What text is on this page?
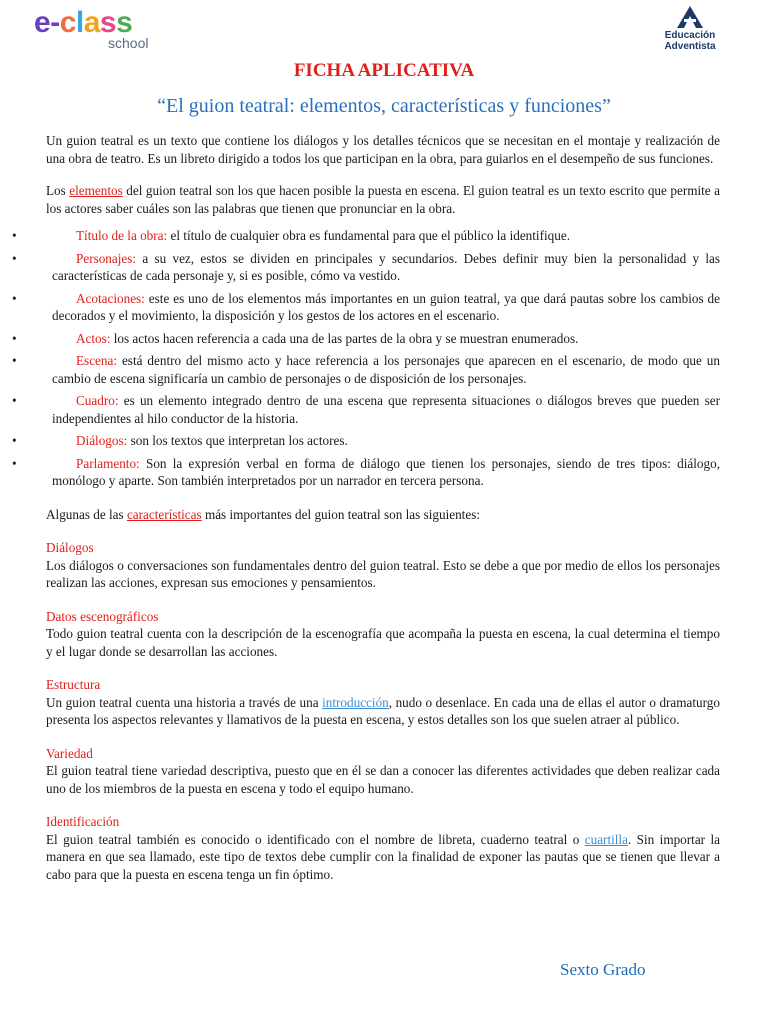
e-class
school	Educación
Adventista
FICHA APLICATIVA
“El guion teatral: elementos, características y funciones”

Un guion teatral es un texto que contiene los diálogos y los detalles técnicos que se necesitan en el montaje y realización de una obra de teatro. Es un libreto dirigido a todos los que participan en la obra, para guiarlos en el desempeño de sus funciones.

Los elementos del guion teatral son los que hacen posible la puesta en escena. El guion teatral es un texto escrito que permite a los actores saber cuáles son las palabras que tienen que pronunciar en la obra.

• Título de la obra: el título de cualquier obra es fundamental para que el público la identifique.
• Personajes: a su vez, estos se dividen en principales y secundarios. Debes definir muy bien la personalidad y las características de cada personaje y, si es posible, cómo va vestido.
• Acotaciones: este es uno de los elementos más importantes en un guion teatral, ya que dará pautas sobre los cambios de decorados y el movimiento, la disposición y los gestos de los actores en el escenario.
• Actos: los actos hacen referencia a cada una de las partes de la obra y se muestran enumerados.
• Escena: está dentro del mismo acto y hace referencia a los personajes que aparecen en el escenario, de modo que un cambio de escena significaría un cambio de personajes o de disposición de los personajes.
• Cuadro: es un elemento integrado dentro de una escena que representa situaciones o diálogos breves que pueden ser independientes al hilo conductor de la historia.
• Diálogos: son los textos que interpretan los actores.
• Parlamento: Son la expresión verbal en forma de diálogo que tienen los personajes, siendo de tres tipos: diálogo, monólogo y aparte. Son también interpretados por un narrador en tercera persona.

Algunas de las características más importantes del guion teatral son las siguientes:

Diálogos

Los diálogos o conversaciones son fundamentales dentro del guion teatral. Esto se debe a que por medio de ellos los personajes realizan las acciones, expresan sus emociones y pensamientos.

Datos escenográficos

Todo guion teatral cuenta con la descripción de la escenografía que acompaña la puesta en escena, la cual determina el tiempo y el lugar donde se desarrollan las acciones.

Estructura

Un guion teatral cuenta una historia a través de una introducción, nudo o desenlace. En cada una de ellas el autor o dramaturgo presenta los aspectos relevantes y llamativos de la puesta en escena, y estos detalles son los que suelen atraer al público.

Variedad

El guion teatral tiene variedad descriptiva, puesto que en él se dan a conocer las diferentes actividades que deben realizar cada uno de los miembros de la puesta en escena y todo el equipo humano.

Identificación

El guion teatral también es conocido o identificado con el nombre de libreta, cuaderno teatral o cuartilla. Sin importar la manera en que sea llamado, este tipo de textos debe cumplir con la finalidad de exponer las pautas que se tienen que llevar a cabo para que la puesta en escena tenga un fin óptimo.

Sexto Grado
